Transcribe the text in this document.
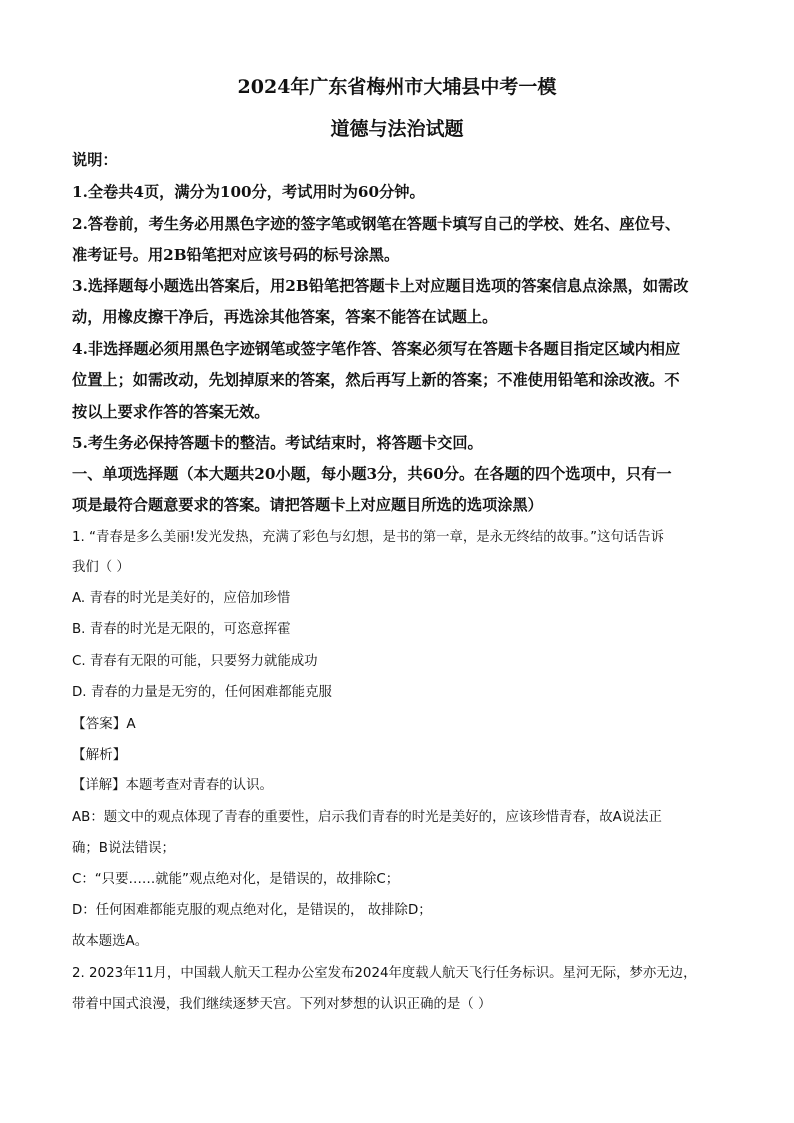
2024年广东省梅州市大埔县中考一模
道德与法治试题
说明：
1.全卷共4页，满分为100分，考试用时为60分钟。
2.答卷前，考生务必用黑色字迹的签字笔或钢笔在答题卡填写自己的学校、姓名、座位号、
准考证号。用2B铅笔把对应该号码的标号涂黑。
3.选择题每小题选出答案后，用2B铅笔把答题卡上对应题目选项的答案信息点涂黑，如需改
动，用橡皮擦干净后，再选涂其他答案，答案不能答在试题上。
4.非选择题必须用黑色字迹钢笔或签字笔作答、答案必须写在答题卡各题目指定区域内相应
位置上；如需改动，先划掉原来的答案，然后再写上新的答案；不准使用铅笔和涂改液。不
按以上要求作答的答案无效。
5.考生务必保持答题卡的整洁。考试结束时，将答题卡交回。
一、单项选择题（本大题共20小题，每小题3分，共60分。在各题的四个选项中，只有一
项是最符合题意要求的答案。请把答题卡上对应题目所选的选项涂黑）
1. “青春是多么美丽!发光发热，充满了彩色与幻想，是书的第一章，是永无终结的故事。”这句话告诉
我们（ ）
A. 青春的时光是美好的，应倍加珍惜
B. 青春的时光是无限的，可恣意挥霍
C. 青春有无限的可能，只要努力就能成功
D. 青春的力量是无穷的，任何困难都能克服
【答案】A
【解析】
【详解】本题考查对青春的认识。
AB：题文中的观点体现了青春的重要性，启示我们青春的时光是美好的，应该珍惜青春，故A说法正
确；B说法错误；
C：“只要……就能”观点绝对化，是错误的，故排除C；
D：任何困难都能克服的观点绝对化，是错误的， 故排除D；
故本题选A。
2. 2023年11月，中国载人航天工程办公室发布2024年度载人航天飞行任务标识。星河无际，梦亦无边，
带着中国式浪漫，我们继续逐梦天宫。下列对梦想的认识正确的是（ ）
